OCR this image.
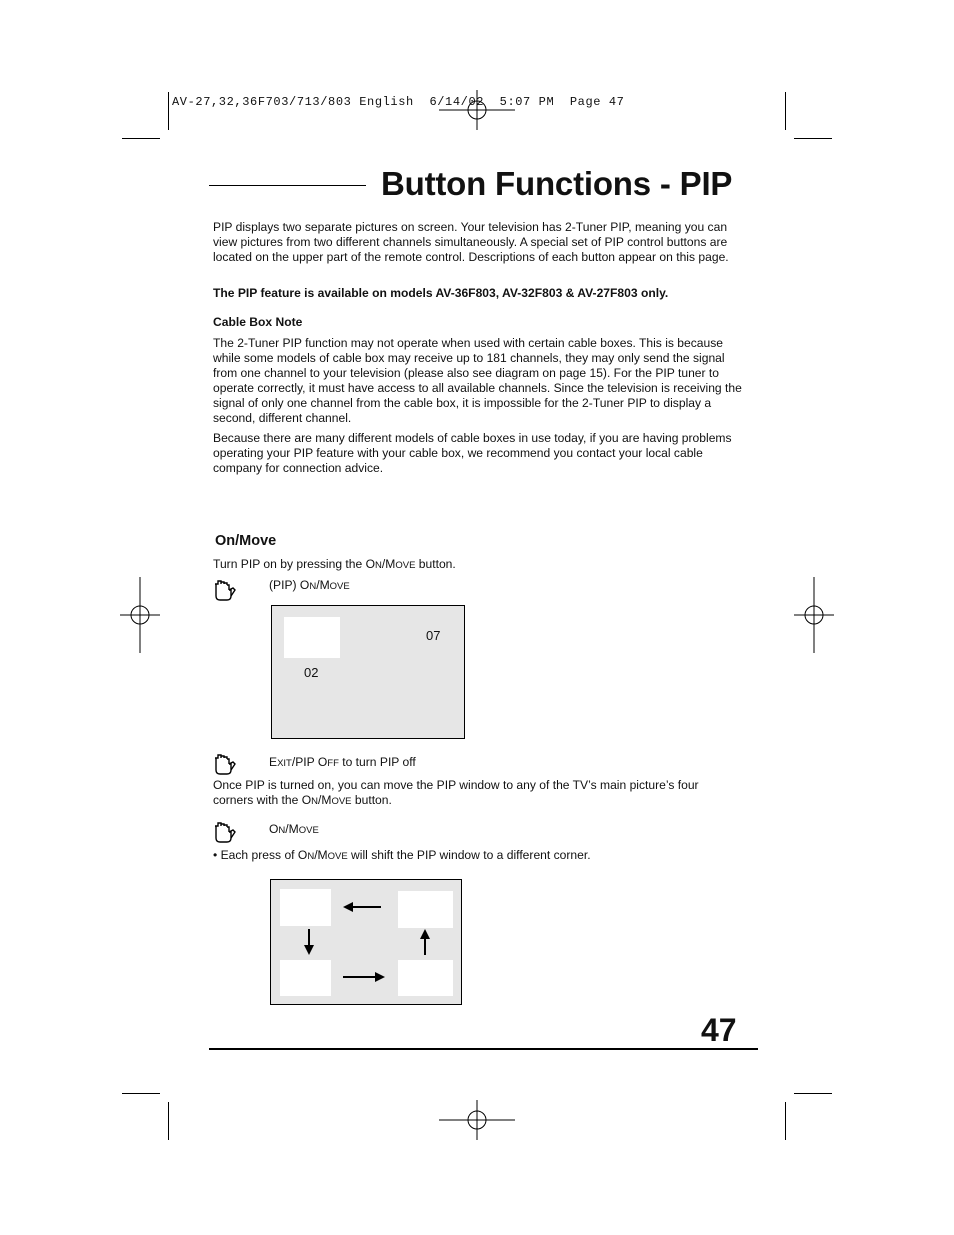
AV-27,32,36F703/713/803 English  6/14/02  5:07 PM  Page 47
Button Functions - PIP

PIP displays two separate pictures on screen. Your television has 2-Tuner PIP, meaning you can view pictures from two different channels simultaneously. A special set of PIP control buttons are located on the upper part of the remote control. Descriptions of each button appear on this page.

The PIP feature is available on models AV-36F803, AV-32F803 & AV-27F803 only.

Cable Box Note

The 2-Tuner PIP function may not operate when used with certain cable boxes. This is because while some models of cable box may receive up to 181 channels, they may only send the signal from one channel to your television (please also see diagram on page 15). For the PIP tuner to operate correctly, it must have access to all available channels. Since the television is receiving the signal of only one channel from the cable box, it is impossible for the 2-Tuner PIP to display a second, different channel.

Because there are many different models of cable boxes in use today, if you are having problems operating your PIP feature with your cable box, we recommend you contact your local cable company for connection advice.

On/Move
Turn PIP on by pressing the ON/MOVE button.
(PIP) ON/MOVE
07
02
EXIT/PIP OFF to turn PIP off
Once PIP is turned on, you can move the PIP window to any of the TV’s main picture’s four
corners with the ON/MOVE button.
ON/MOVE
• Each press of ON/MOVE will shift the PIP window to a different corner.
47
